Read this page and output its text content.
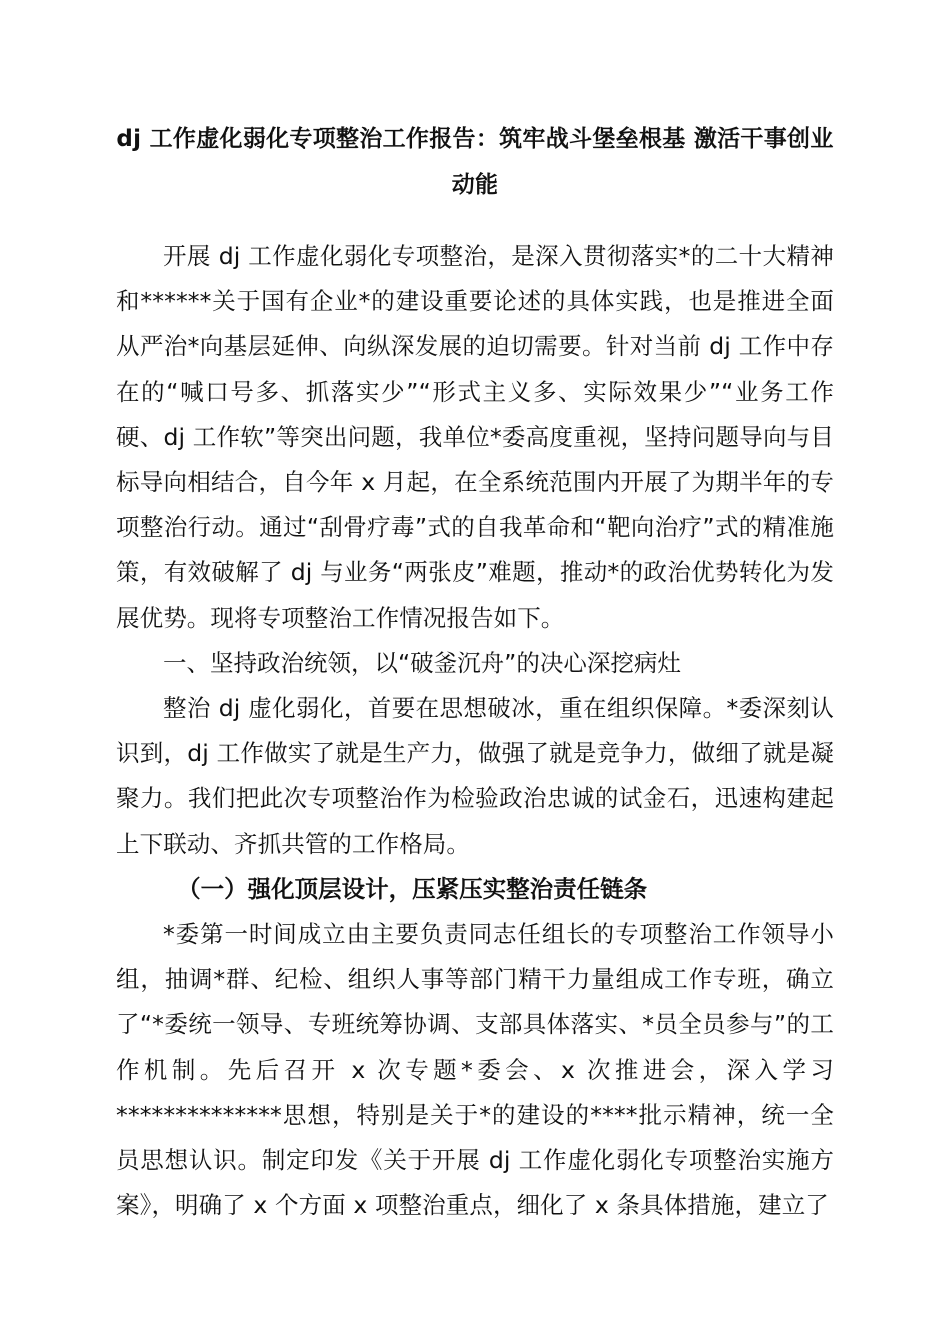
dj 工作虚化弱化专项整治工作报告：筑牢战斗堡垒根基 激活干事创业动能

开展 dj 工作虚化弱化专项整治，是深入贯彻落实*的二十大精神和******关于国有企业*的建设重要论述的具体实践，也是推进全面从严治*向基层延伸、向纵深发展的迫切需要。针对当前 dj 工作中存在的“喊口号多、抓落实少”“形式主义多、实际效果少”“业务工作硬、dj 工作软”等突出问题，我单位*委高度重视，坚持问题导向与目标导向相结合，自今年 x 月起，在全系统范围内开展了为期半年的专项整治行动。通过“刮骨疗毒”式的自我革命和“靶向治疗”式的精准施策，有效破解了 dj 与业务“两张皮”难题，推动*的政治优势转化为发展优势。现将专项整治工作情况报告如下。

一、坚持政治统领，以“破釜沉舟”的决心深挖病灶

整治 dj 虚化弱化，首要在思想破冰，重在组织保障。*委深刻认识到，dj 工作做实了就是生产力，做强了就是竞争力，做细了就是凝聚力。我们把此次专项整治作为检验政治忠诚的试金石，迅速构建起上下联动、齐抓共管的工作格局。

（一）强化顶层设计，压紧压实整治责任链条

*委第一时间成立由主要负责同志任组长的专项整治工作领导小组，抽调*群、纪检、组织人事等部门精干力量组成工作专班，确立了“*委统一领导、专班统筹协调、支部具体落实、*员全员参与”的工作机制。先后召开 x 次专题*委会、x 次推进会，深入学习**************思想，特别是关于*的建设的****批示精神，统一全员思想认识。制定印发《关于开展 dj 工作虚化弱化专项整治实施方案》，明确了 x 个方面 x 项整治重点，细化了 x 条具体措施，建立了
